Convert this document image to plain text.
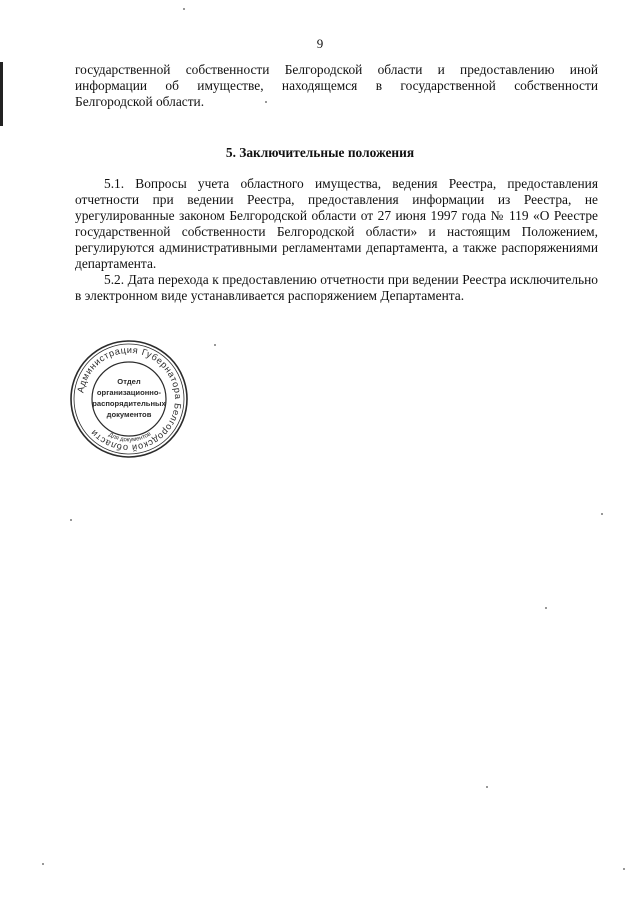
9

государственной собственности Белгородской области и предоставлению иной

информации об имуществе, находящемся в государственной собственности

Белгородской области.

5. Заключительные положения

5.1. Вопросы учета областного имущества, ведения Реестра, предоставления отчетности при ведении Реестра, предоставления информации из Реестра, не урегулированные законом Белгородской области от 27 июня 1997 года № 119 «О Реестре государственной собственности Белгородской области» и настоящим Положением, регулируются административными регламентами департамента, а также распоряжениями департамента.

5.2. Дата перехода к предоставлению отчетности при ведении Реестра исключительно в электронном виде устанавливается распоряжением Департамента.

Администрация Губернатора Белгородской области	Для документов
Отдел
организационно-
распорядительных
документов
